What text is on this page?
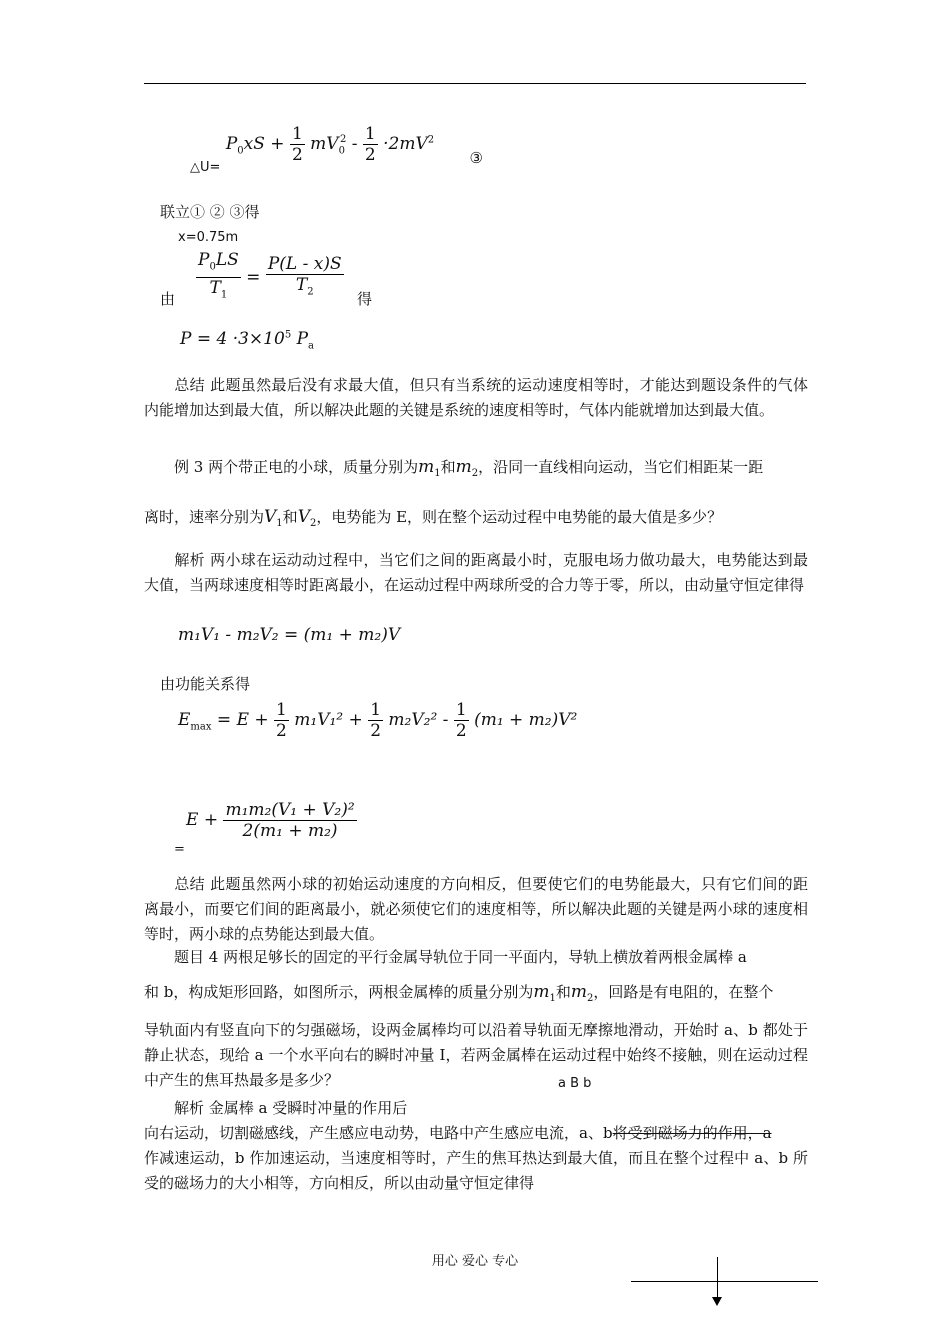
$_{\triangle U=}$ $P_0xS + \frac{1}{2} mV_0^2 - \frac{1}{2} \cdot 2mV^2$ ③
联立① ② ③得
x=0.75m
由 $\frac{P_0LS}{T_1} = \frac{P(L - x)S}{T_2}$ 得
$P = 4 \cdot 3\times 10^5$ $P_a$
总结 此题虽然最后没有求最大值，但只有当系统的运动速度相等时，才能达到题设条件的气体内能增加达到最大值，所以解决此题的关键是系统的速度相等时，气体内能就增加达到最大值。
例 3 两个带正电的小球，质量分别为$m_1$和$m_2$，沿同一直线相向运动，当它们相距某一距
离时，速率分别为$V_1$和$V_2$，电势能为 E，则在整个运动过程中电势能的最大值是多少？
解析 两小球在运动动过程中，当它们之间的距离最小时，克服电场力做功最大，电势能达到最大值，当两球速度相等时距离最小，在运动过程中两球所受的合力等于零，所以，由动量守恒定律得
m₁V₁ - m₂V₂ = (m₁ + m₂)V
由功能关系得
$E_{max} = E + \frac{1}{2} m_1V_1^2 + \frac{1}{2} m_2V_2^2 - \frac{1}{2} (m_1 + m_2)V^2$
=
$E + \frac{\text{m₁m₂(V₁ + V₂)²}}{\text{2(m₁ + m₂)}}$
总结 此题虽然两小球的初始运动速度的方向相反，但要使它们的电势能最大，只有它们间的距离最小，而要它们间的距离最小，就必须使它们的速度相等，所以解决此题的关键是两小球的速度相等时，两小球的点势能达到最大值。
题目 4 两根足够长的固定的平行金属导轨位于同一平面内，导轨上横放着两根金属棒 a
和 b，构成矩形回路，如图所示，两根金属棒的质量分别为$m_1$和$m_2$，回路是有电阻的，在整个
导轨面内有竖直向下的匀强磁场，设两金属棒均可以沿着导轨面无摩擦地滑动，开始时 a、b 都处于静止状态，现给 a 一个水平向右的瞬时冲量 I，若两金属棒在运动过程中始终不接触，则在运动过程中产生的焦耳热最多是多少？	a B b
解析 金属棒 a 受瞬时冲量的作用后
向右运动，切割磁感线，产生感应电动势，电路中产生感应电流，a、b将受到磁场力的作用，a
作减速运动，b 作加速运动，当速度相等时，产生的焦耳热达到最大值，而且在整个过程中 a、b 所受的磁场力的大小相等，方向相反，所以由动量守恒定律得
用心 爱心 专心
